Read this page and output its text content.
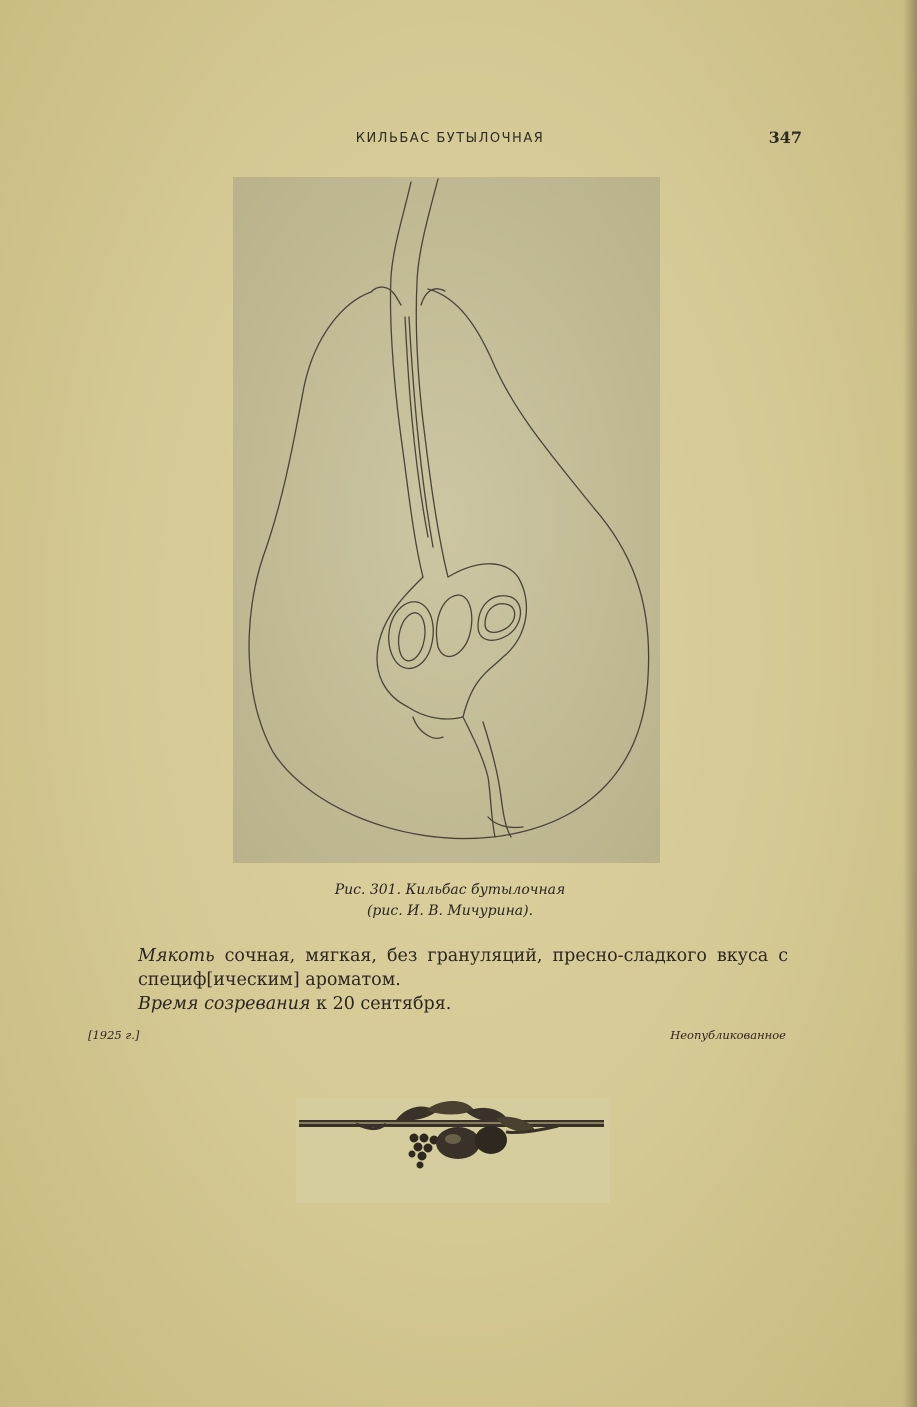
КИЛЬБАС БУТЫЛОЧНАЯ	347
Рис. 301. Кильбас бутылочная
(рис. И. В. Мичурина).
Мякоть сочная, мягкая, без грануляций, пресно-сладкого вкуса с специф[ическим] ароматом.
Время созревания к 20 сентября.
[1925 г.]	Неопубликованное
